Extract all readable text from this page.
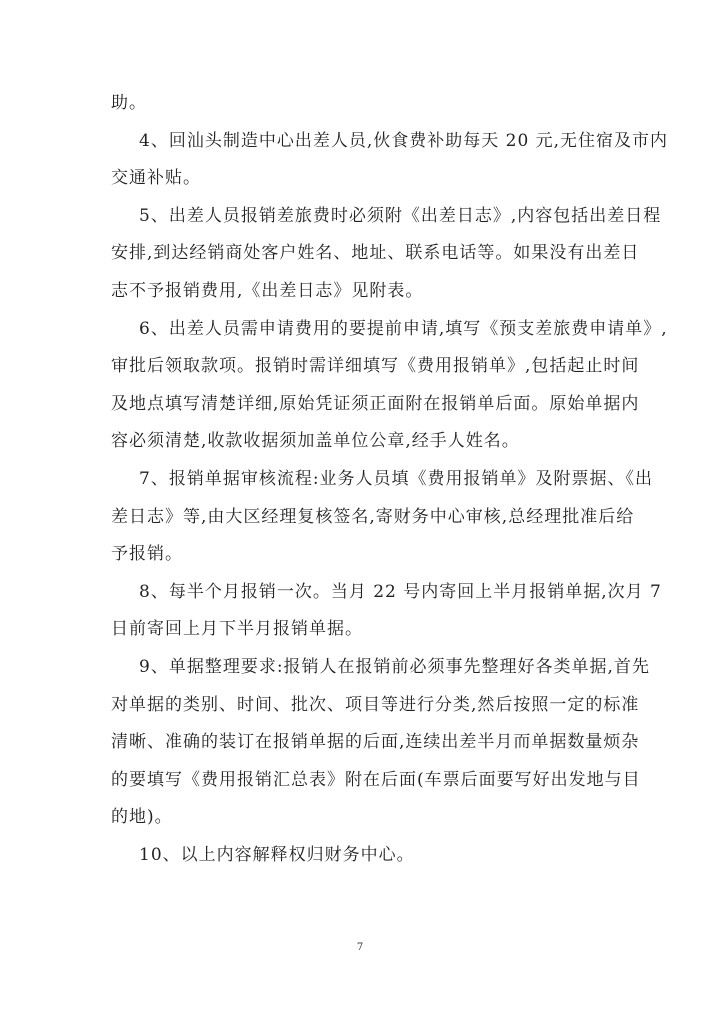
助。
4、回汕头制造中心出差人员,伙食费补助每天 20 元,无住宿及市内
交通补贴。
5、出差人员报销差旅费时必须附《出差日志》,内容包括出差日程
安排,到达经销商处客户姓名、地址、联系电话等。如果没有出差日
志不予报销费用,《出差日志》见附表。
6、出差人员需申请费用的要提前申请,填写《预支差旅费申请单》,
审批后领取款项。报销时需详细填写《费用报销单》,包括起止时间
及地点填写清楚详细,原始凭证须正面附在报销单后面。原始单据内
容必须清楚,收款收据须加盖单位公章,经手人姓名。
7、报销单据审核流程:业务人员填《费用报销单》及附票据、《出
差日志》等,由大区经理复核签名,寄财务中心审核,总经理批准后给
予报销。
8、每半个月报销一次。当月 22 号内寄回上半月报销单据,次月 7
日前寄回上月下半月报销单据。
9、单据整理要求:报销人在报销前必须事先整理好各类单据,首先
对单据的类别、时间、批次、项目等进行分类,然后按照一定的标准
清晰、准确的装订在报销单据的后面,连续出差半月而单据数量烦杂
的要填写《费用报销汇总表》附在后面(车票后面要写好出发地与目
的地)。
10、以上内容解释权归财务中心。
7
